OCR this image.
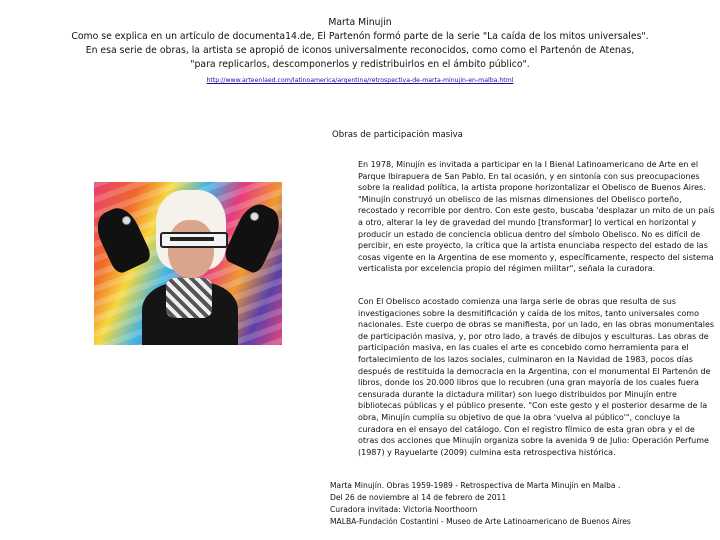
Marta Minujin
Como se explica en un artículo de documenta14.de, El Partenón formó parte de la serie "La caída de los mitos universales".
En esa serie de obras, la artista se apropió de iconos universalmente reconocidos, como como el Partenón de Atenas,
"para replicarlos, descomponerlos y redistribuirlos en el ámbito público".
http://www.arteenlaed.com/latinoamerica/argentina/retrospectiva-de-marta-minujin-en-malba.html
Obras de participación masiva
En 1978, Minujín es invitada a participar en la I Bienal Latinoamericano de Arte en el Parque Ibirapuera de San Pablo. En tal ocasión, y en sintonía con sus preocupaciones sobre la realidad política, la artista propone horizontalizar el Obelisco de Buenos Aires. "Minujín construyó un obelisco de las mismas dimensiones del Obelisco porteño, recostado y recorrible por dentro. Con este gesto, buscaba 'desplazar un mito de un país a otro, alterar la ley de gravedad del mundo [transformar] lo vertical en horizontal y producir un estado de conciencia oblicua dentro del símbolo Obelisco. No es difícil de percibir, en este proyecto, la crítica que la artista enunciaba respecto del estado de las cosas vigente en la Argentina de ese momento y, específicamente, respecto del sistema verticalista por excelencia propio del régimen militar", señala la curadora.
Con El Obelisco acostado comienza una larga serie de obras que resulta de sus investigaciones sobre la desmitificación y caída de los mitos, tanto universales como nacionales. Este cuerpo de obras se manifiesta, por un lado, en las obras monumentales de participación masiva, y, por otro lado, a través de dibujos y esculturas. Las obras de participación masiva, en las cuales el arte es concebido como herramienta para el fortalecimiento de los lazos sociales, culminaron en la Navidad de 1983, pocos días después de restituida la democracia en la Argentina, con el monumental El Partenón de libros, donde los 20.000 libros que lo recubren (una gran mayoría de los cuales fuera censurada durante la dictadura militar) son luego distribuidos por Minujín entre bibliotecas públicas y el público presente. "Con este gesto y el posterior desarme de la obra, Minujín cumplía su objetivo de que la obra 'vuelva al público'", concluye la curadora en el ensayo del catálogo. Con el registro fílmico de esta gran obra y el de otras dos acciones que Minujín organiza sobre la avenida 9 de Julio: Operación Perfume (1987) y Rayuelarte (2009) culmina esta retrospectiva histórica.
Marta Minujín. Obras 1959-1989 - Retrospectiva de Marta Minujín en Malba .
Del 26 de noviembre al 14 de febrero de 2011
Curadora invitada: Victoria Noorthoorn
MALBA-Fundación Costantini - Museo de Arte Latinoamericano de Buenos Aires
